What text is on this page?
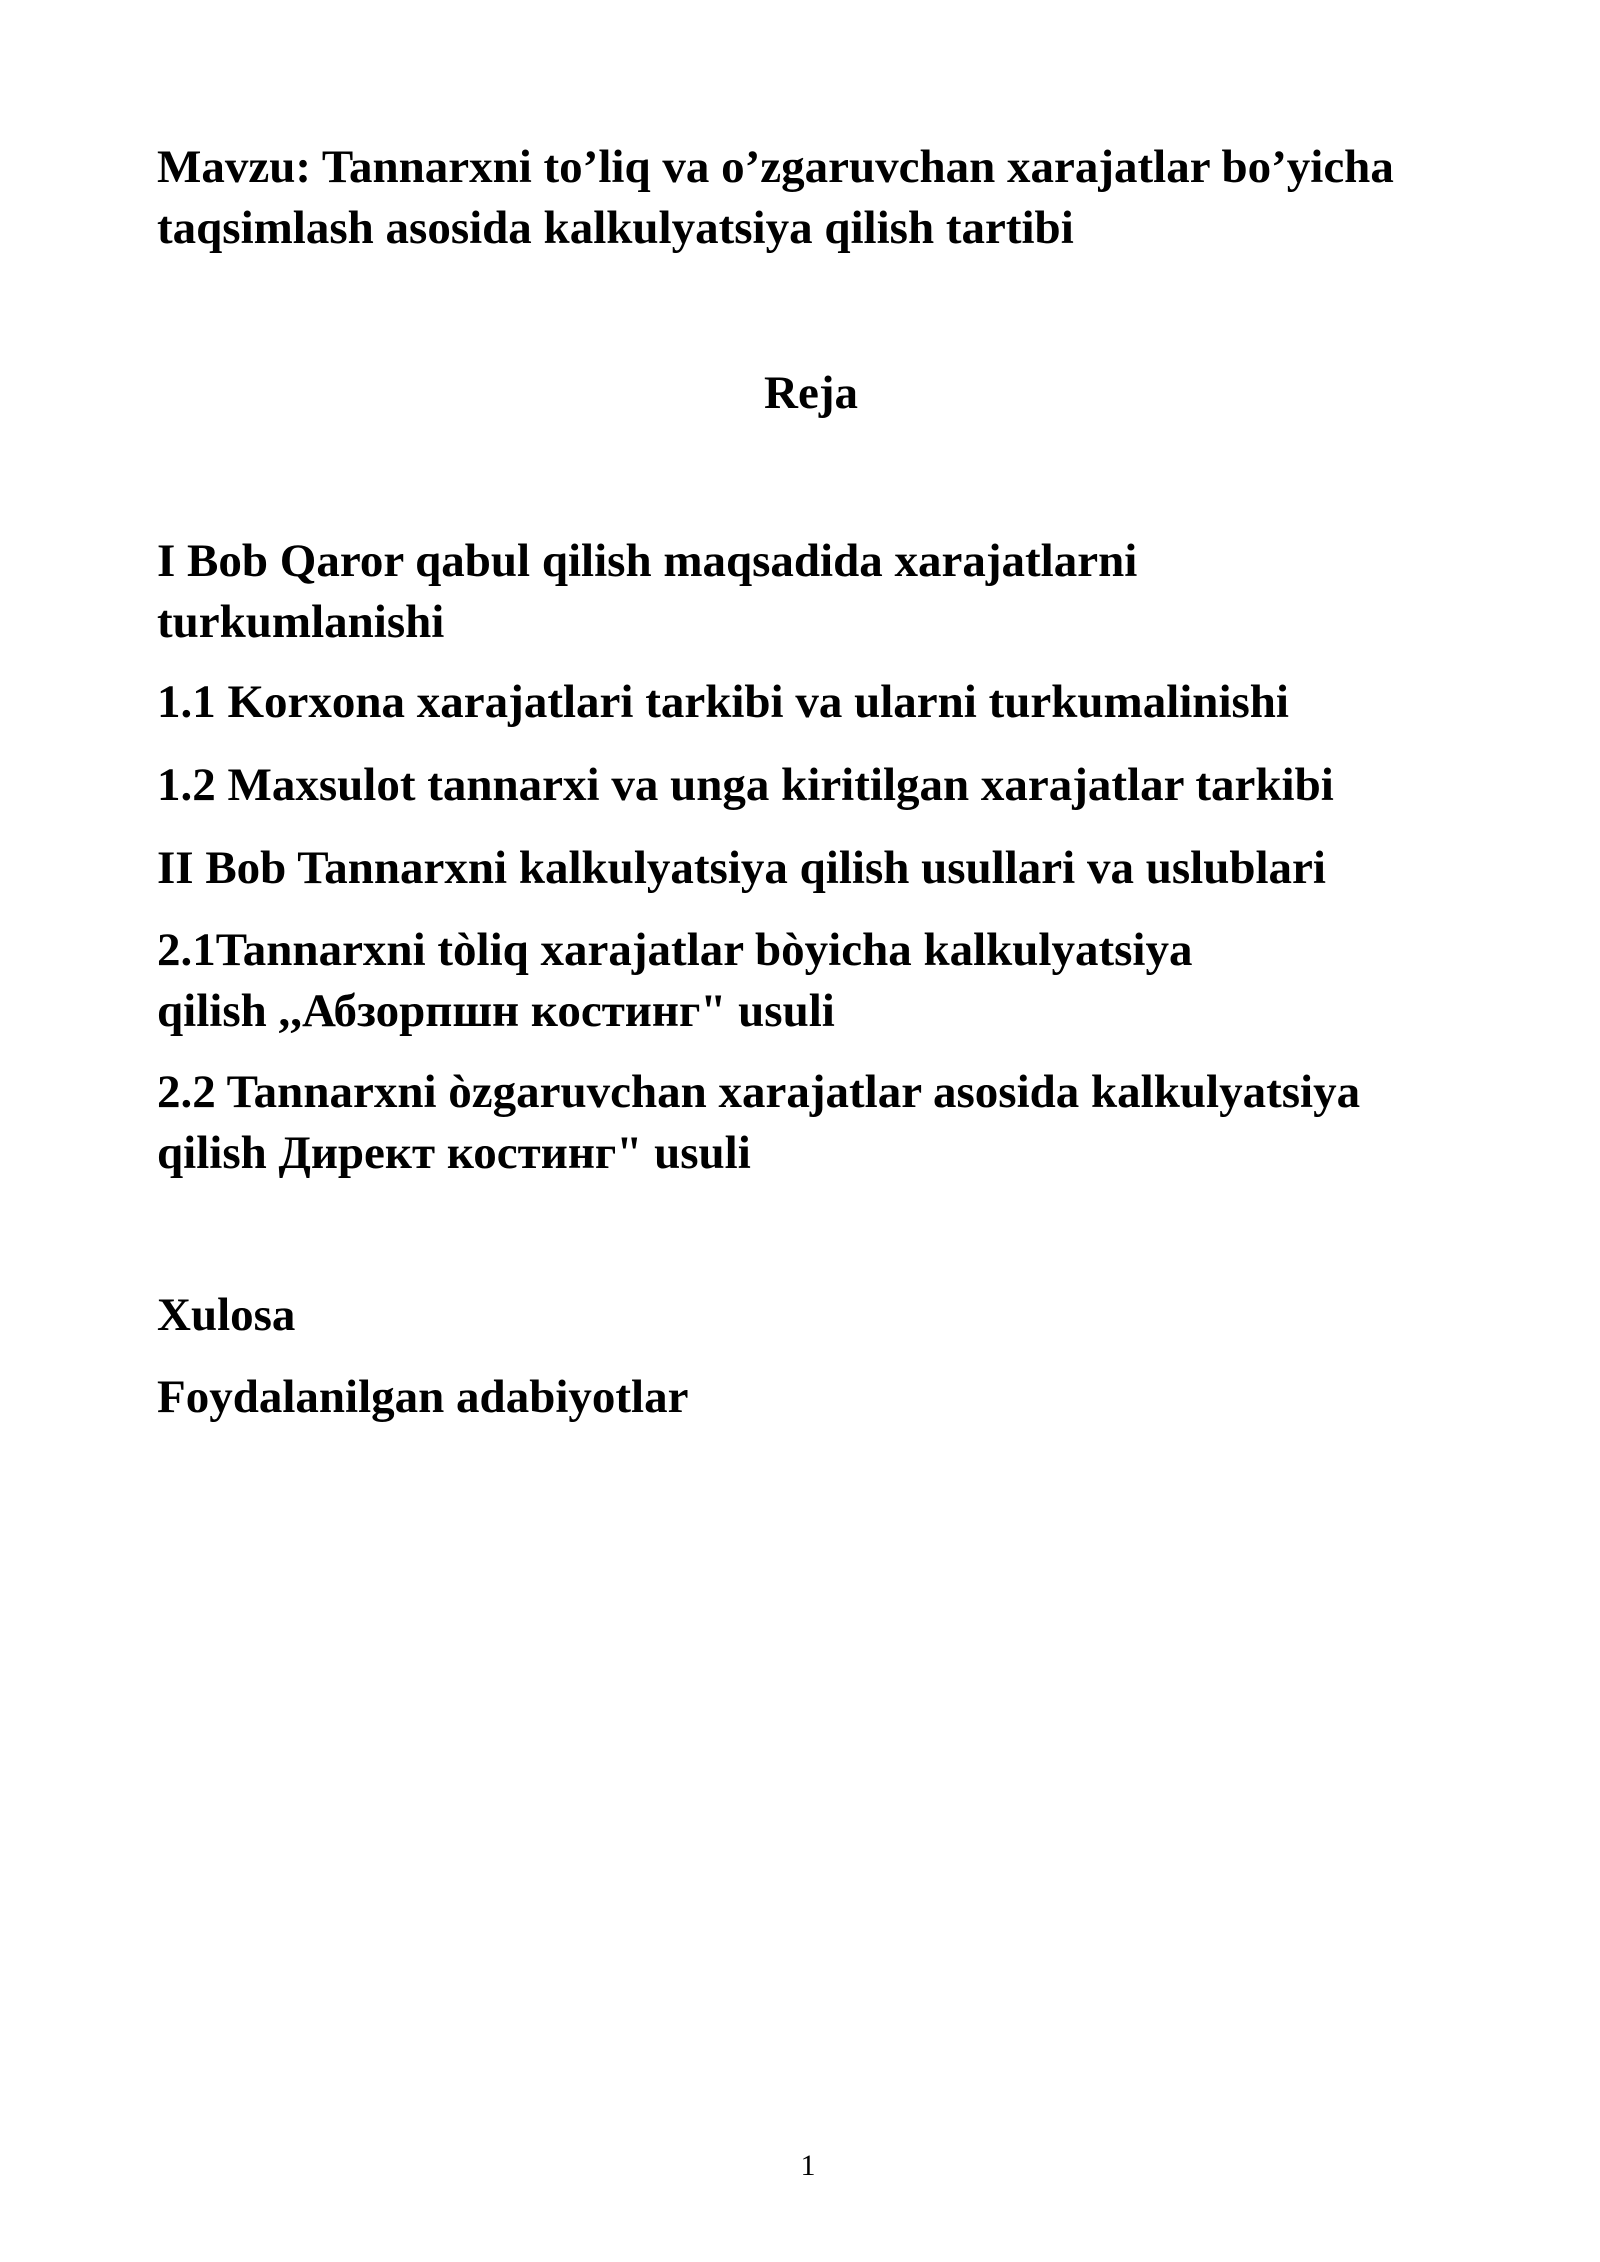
Mavzu: Tannarxni to’liq va o’zgaruvchan xarajatlar bo’yicha
taqsimlash asosida kalkulyatsiya qilish tartibi
Reja
I Bob Qaror qabul qilish maqsadida xarajatlarni
turkumlanishi
1.1 Korxona xarajatlari tarkibi va ularni turkumalinishi
1.2 Maxsulot tannarxi va unga kiritilgan xarajatlar tarkibi
II Bob Tannarxni kalkulyatsiya qilish usullari va uslublari
2.1Tannarxni tòliq xarajatlar bòyicha kalkulyatsiya
qilish ,,Абзорпшн костинг" usuli
2.2 Tannarxni òzgaruvchan xarajatlar asosida kalkulyatsiya
qilish Директ костинг" usuli
Xulosa
Foydalanilgan adabiyotlar
1
